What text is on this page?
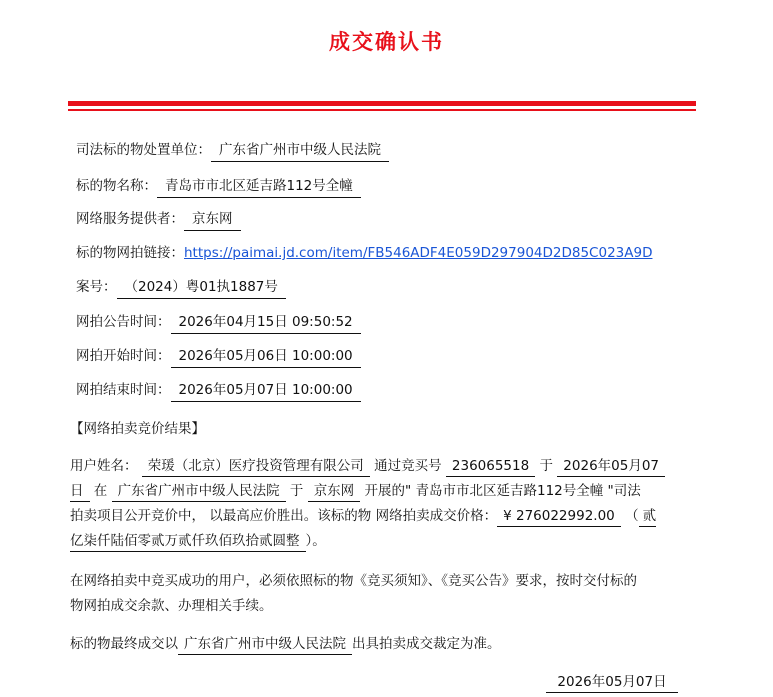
成交确认书
司法标的物处置单位： 广东省广州市中级人民法院
标的物名称： 青岛市市北区延吉路112号全幢
网络服务提供者： 京东网
标的物网拍链接：https://paimai.jd.com/item/FB546ADF4E059D297904D2D85C023A9D
案号： （2024）粤01执1887号
网拍公告时间： 2026年04月15日 09:50:52
网拍开始时间： 2026年05月06日 10:00:00
网拍结束时间： 2026年05月07日 10:00:00
【网络拍卖竞价结果】
用户姓名： 荣瑗（北京）医疗投资管理有限公司 通过竞买号 236065518 于 2026年05月07
日 在 广东省广州市中级人民法院 于 京东网 开展的" 青岛市市北区延吉路112号全幢 "司法
拍卖项目公开竞价中， 以最高应价胜出。该标的物 网络拍卖成交价格： ¥ 276022992.00 （ 贰
亿柒仟陆佰零贰万贰仟玖佰玖拾贰圆整 ）。
在网络拍卖中竞买成功的用户，必须依照标的物《竞买须知》、《竞买公告》要求，按时交付标的
物网拍成交余款、办理相关手续。
标的物最终成交以 广东省广州市中级人民法院 出具拍卖成交裁定为准。
2026年05月07日
